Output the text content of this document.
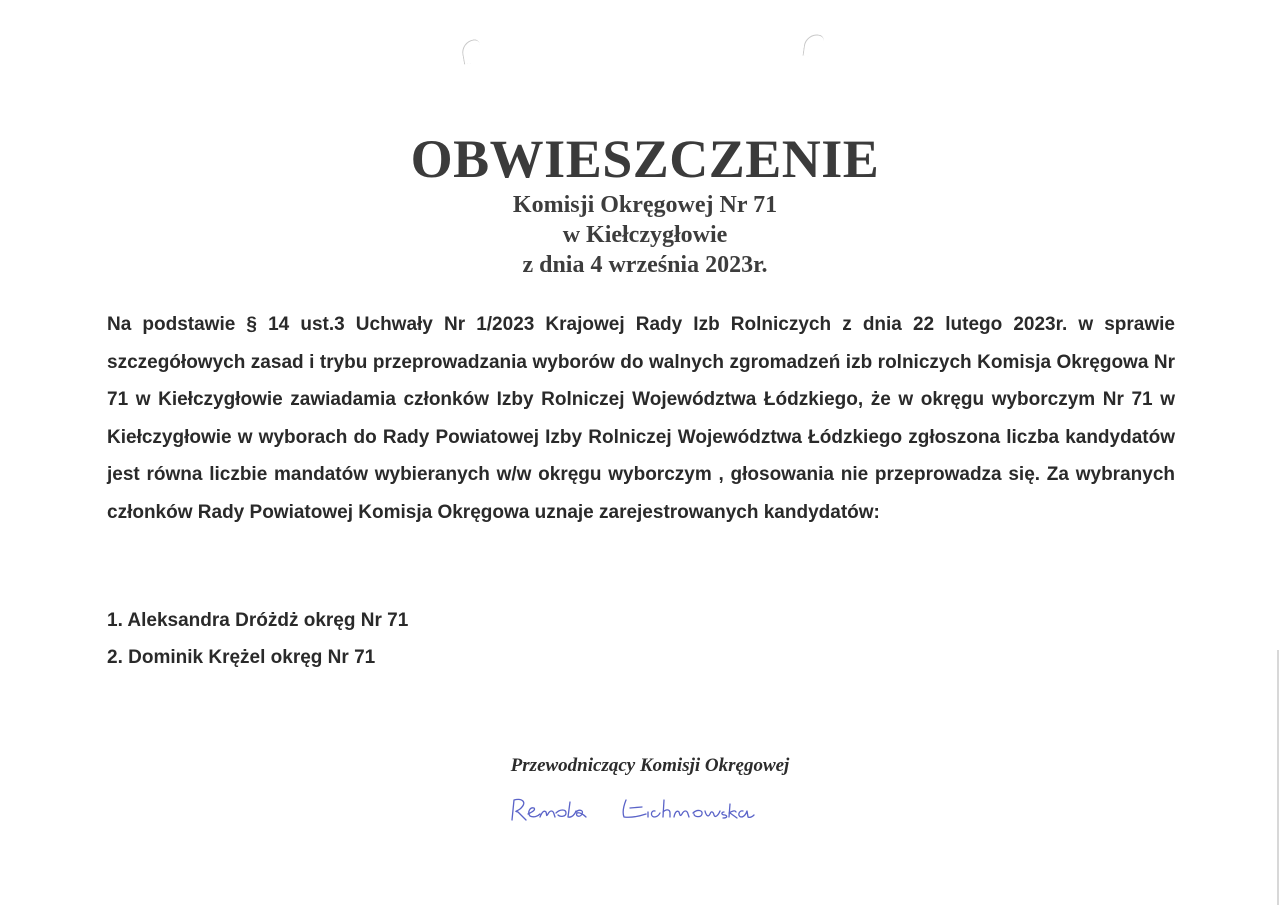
OBWIESZCZENIE
Komisji Okręgowej Nr 71
w Kiełczygłowie
z dnia 4 września 2023r.
Na podstawie § 14 ust.3 Uchwały Nr 1/2023 Krajowej Rady Izb Rolniczych z dnia 22 lutego 2023r. w sprawie szczegółowych zasad i trybu przeprowadzania wyborów do walnych zgromadzeń izb rolniczych Komisja Okręgowa Nr 71 w Kiełczygłowie zawiadamia członków Izby Rolniczej Województwa Łódzkiego, że w okręgu wyborczym Nr 71 w Kiełczygłowie w wyborach do Rady Powiatowej Izby Rolniczej Województwa Łódzkiego zgłoszona liczba kandydatów jest równa liczbie mandatów wybieranych w/w okręgu wyborczym , głosowania nie przeprowadza się. Za wybranych członków Rady Powiatowej Komisja Okręgowa uznaje zarejestrowanych kandydatów:
1. Aleksandra Dróżdż okręg Nr 71
2. Dominik Krężel okręg Nr 71
Przewodniczący Komisji Okręgowej
